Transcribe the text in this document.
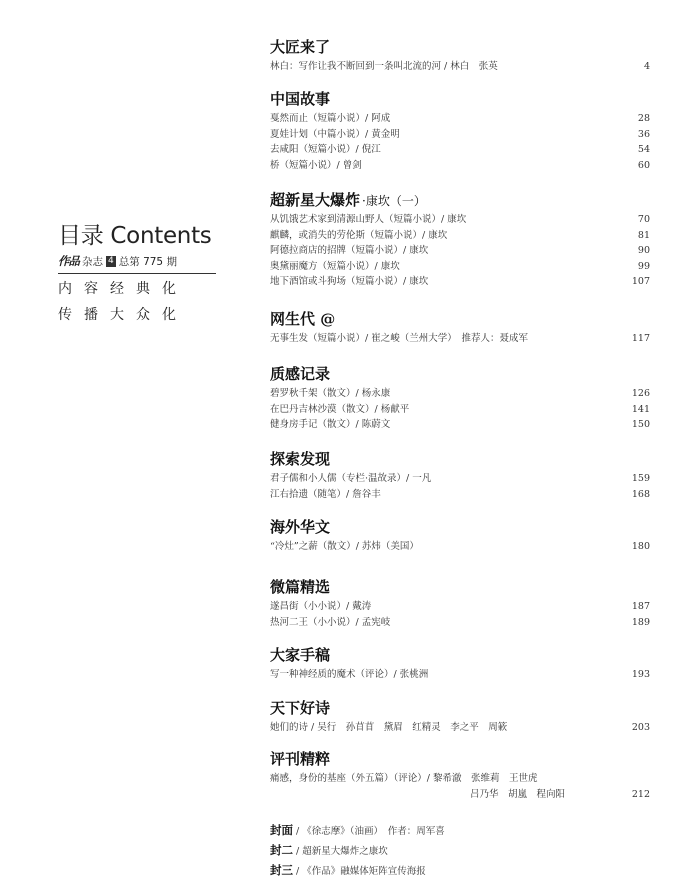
目录 Contents
作品 杂志 4 总第 775 期
内容经典化
传播大众化
大匠来了
林白：写作让我不断回到一条叫北流的河 / 林白　张英	4
中国故事
戛然而止（短篇小说）/ 阿成	28
夏娃计划（中篇小说）/ 黄金明	36
去咸阳（短篇小说）/ 倪江	54
桥（短篇小说）/ 曾剑	60
超新星大爆炸 ·康坎（一）
从饥饿艺术家到清源山野人（短篇小说）/ 康坎	70
麒麟，或消失的劳伦斯（短篇小说）/ 康坎	81
阿德拉商店的招牌（短篇小说）/ 康坎	90
奥黛丽魔方（短篇小说）/ 康坎	99
地下酒馆或斗狗场（短篇小说）/ 康坎	107
网生代 @
无事生发（短篇小说）/ 崔之峻（兰州大学）　推荐人：聂成军	117
质感记录
碧罗秋千架（散文）/ 杨永康	126
在巴丹吉林沙漠（散文）/ 杨献平	141
健身房手记（散文）/ 陈蔚文	150
探索发现
君子儒和小人儒（专栏·温故录）/ 一凡	159
江右拾遗（随笔）/ 詹谷丰	168
海外华文
“冷灶”之薪（散文）/ 苏炜（美国）	180
微篇精选
遂昌街（小小说）/ 戴涛	187
热河二王（小小说）/ 孟宪岐	189
大家手稿
写一种神经质的魔术（评论）/ 张桃洲	193
天下好诗
她们的诗 / 吴行　孙苜苜　黛眉　红精灵　李之平　周簌	203
评刊精粹
痛感，身份的基座（外五篇）（评论）/ 黎希澈　张维莉　王世虎
吕乃华　胡嵐　程向阳	212
封面 / 《徐志摩》（油画）　作者：周军喜
封二 / 超新星大爆炸之康坎
封三 / 《作品》融媒体矩阵宣传海报
